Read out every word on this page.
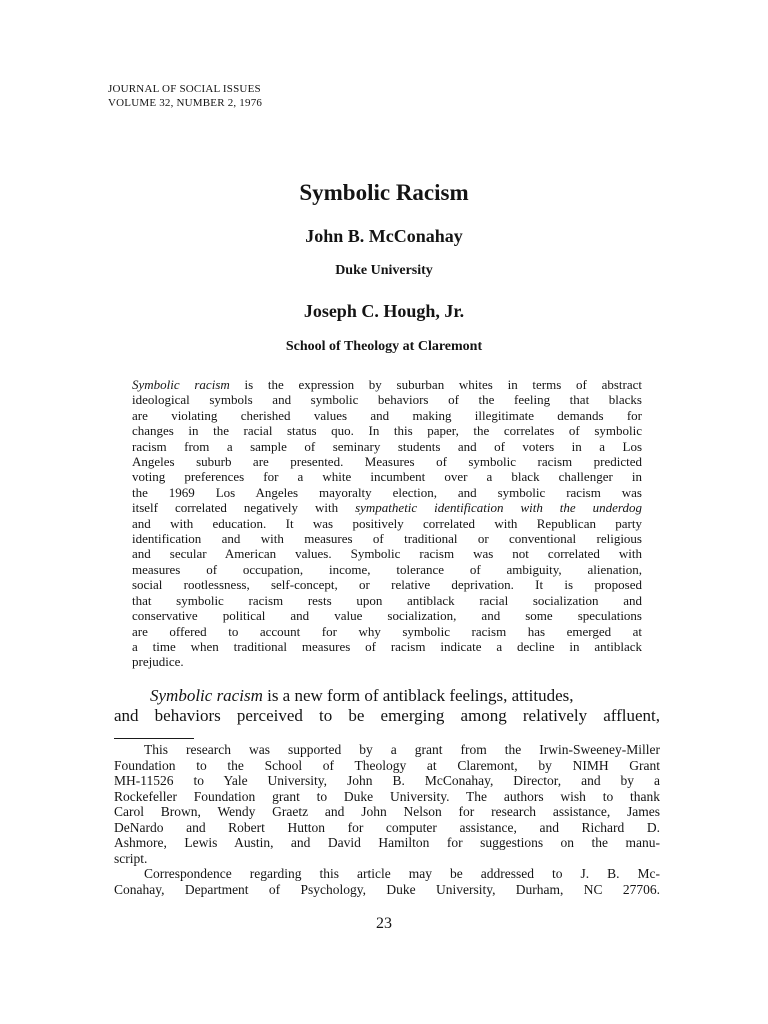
JOURNAL OF SOCIAL ISSUES
VOLUME 32, NUMBER 2, 1976
Symbolic Racism
John B. McConahay
Duke University
Joseph C. Hough, Jr.
School of Theology at Claremont
Symbolic racism is the expression by suburban whites in terms of abstract
ideological symbols and symbolic behaviors of the feeling that blacks
are violating cherished values and making illegitimate demands for
changes in the racial status quo. In this paper, the correlates of symbolic
racism from a sample of seminary students and of voters in a Los
Angeles suburb are presented. Measures of symbolic racism predicted
voting preferences for a white incumbent over a black challenger in
the 1969 Los Angeles mayoralty election, and symbolic racism was
itself correlated negatively with sympathetic identification with the underdog
and with education. It was positively correlated with Republican party
identification and with measures of traditional or conventional religious
and secular American values. Symbolic racism was not correlated with
measures of occupation, income, tolerance of ambiguity, alienation,
social rootlessness, self-concept, or relative deprivation. It is proposed
that symbolic racism rests upon antiblack racial socialization and
conservative political and value socialization, and some speculations
are offered to account for why symbolic racism has emerged at
a time when traditional measures of racism indicate a decline in antiblack
prejudice.
Symbolic racism is a new form of antiblack feelings, attitudes,
and behaviors perceived to be emerging among relatively affluent,
This research was supported by a grant from the Irwin-Sweeney-Miller
Foundation to the School of Theology at Claremont, by NIMH Grant
MH-11526 to Yale University, John B. McConahay, Director, and by a
Rockefeller Foundation grant to Duke University. The authors wish to thank
Carol Brown, Wendy Graetz and John Nelson for research assistance, James
DeNardo and Robert Hutton for computer assistance, and Richard D.
Ashmore, Lewis Austin, and David Hamilton for suggestions on the manu-
script.
Correspondence regarding this article may be addressed to J. B. Mc-
Conahay, Department of Psychology, Duke University, Durham, NC 27706.
23
